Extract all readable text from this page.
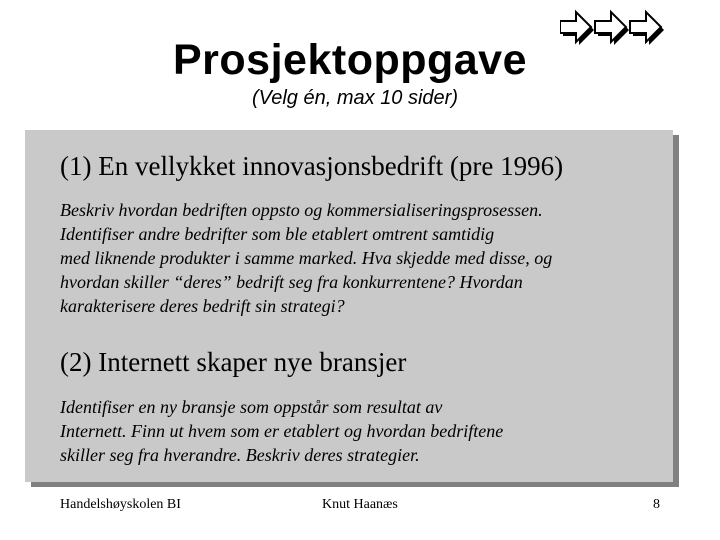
Prosjektoppgave
(Velg én, max 10 sider)
(1) En vellykket innovasjonsbedrift (pre 1996)

Beskriv hvordan bedriften oppsto og kommersialiseringsprosessen.

Identifiser andre bedrifter som ble etablert omtrent samtidig

med liknende produkter i samme marked. Hva skjedde med disse, og

hvordan skiller “deres” bedrift seg fra konkurrentene? Hvordan

karakterisere deres bedrift sin strategi?

(2) Internett skaper nye bransjer

Identifiser en ny bransje som oppstår som resultat av

Internett. Finn ut hvem som er etablert og hvordan bedriftene

skiller seg fra hverandre. Beskriv deres strategier.

Handelshøyskolen BI	Knut Haanæs	8
